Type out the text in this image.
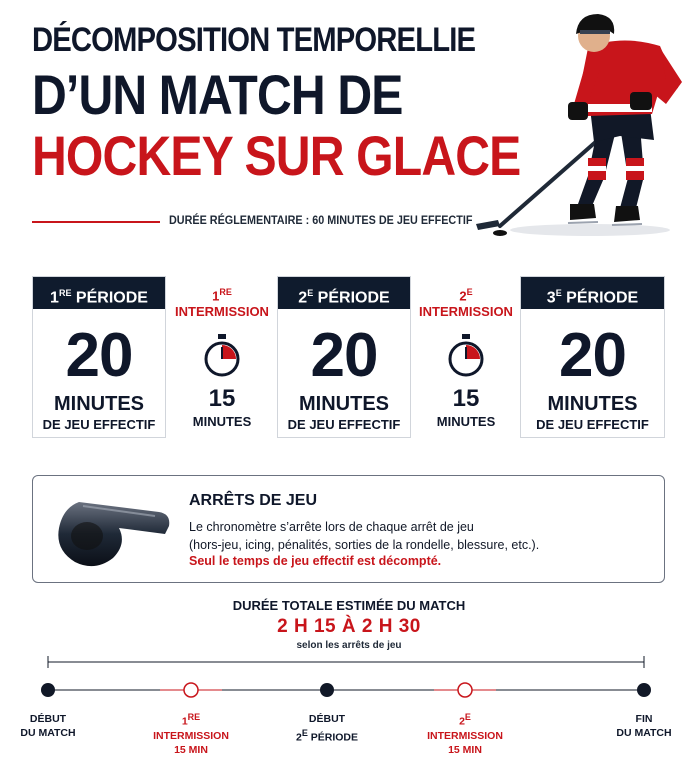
DÉCOMPOSITION TEMPORELLIE
D’UN MATCH DE
HOCKEY SUR GLACE
DURÉE RÉGLEMENTAIRE : 60 MINUTES DE JEU EFFECTIF
1RE PÉRIODE
20
MINUTES
DE JEU EFFECTIF
1RE
INTERMISSION
15
MINUTES
$2^E$ PÉRIODE
20
MINUTES
DE JEU EFFECTIF
$2^E$
INTERMISSION
15
MINUTES
$3^E$ PÉRIODE
20
MINUTES
DE JEU EFFECTIF
ARRÊTS DE JEU
Le chronomètre s’arrête lors de chaque arrêt de jeu
(hors-jeu, icing, pénalités, sorties de la rondelle, blessure, etc.).
Seul le temps de jeu effectif est décompté.
DURÉE TOTALE ESTIMÉE DU MATCH
2 H 15 À 2 H 30
selon les arrêts de jeu
DÉBUT
DU MATCH
1RE
INTERMISSION
15 MIN
DÉBUT
$2^E$ PÉRIODE
$2^E$
INTERMISSION
15 MIN
FIN
DU MATCH
